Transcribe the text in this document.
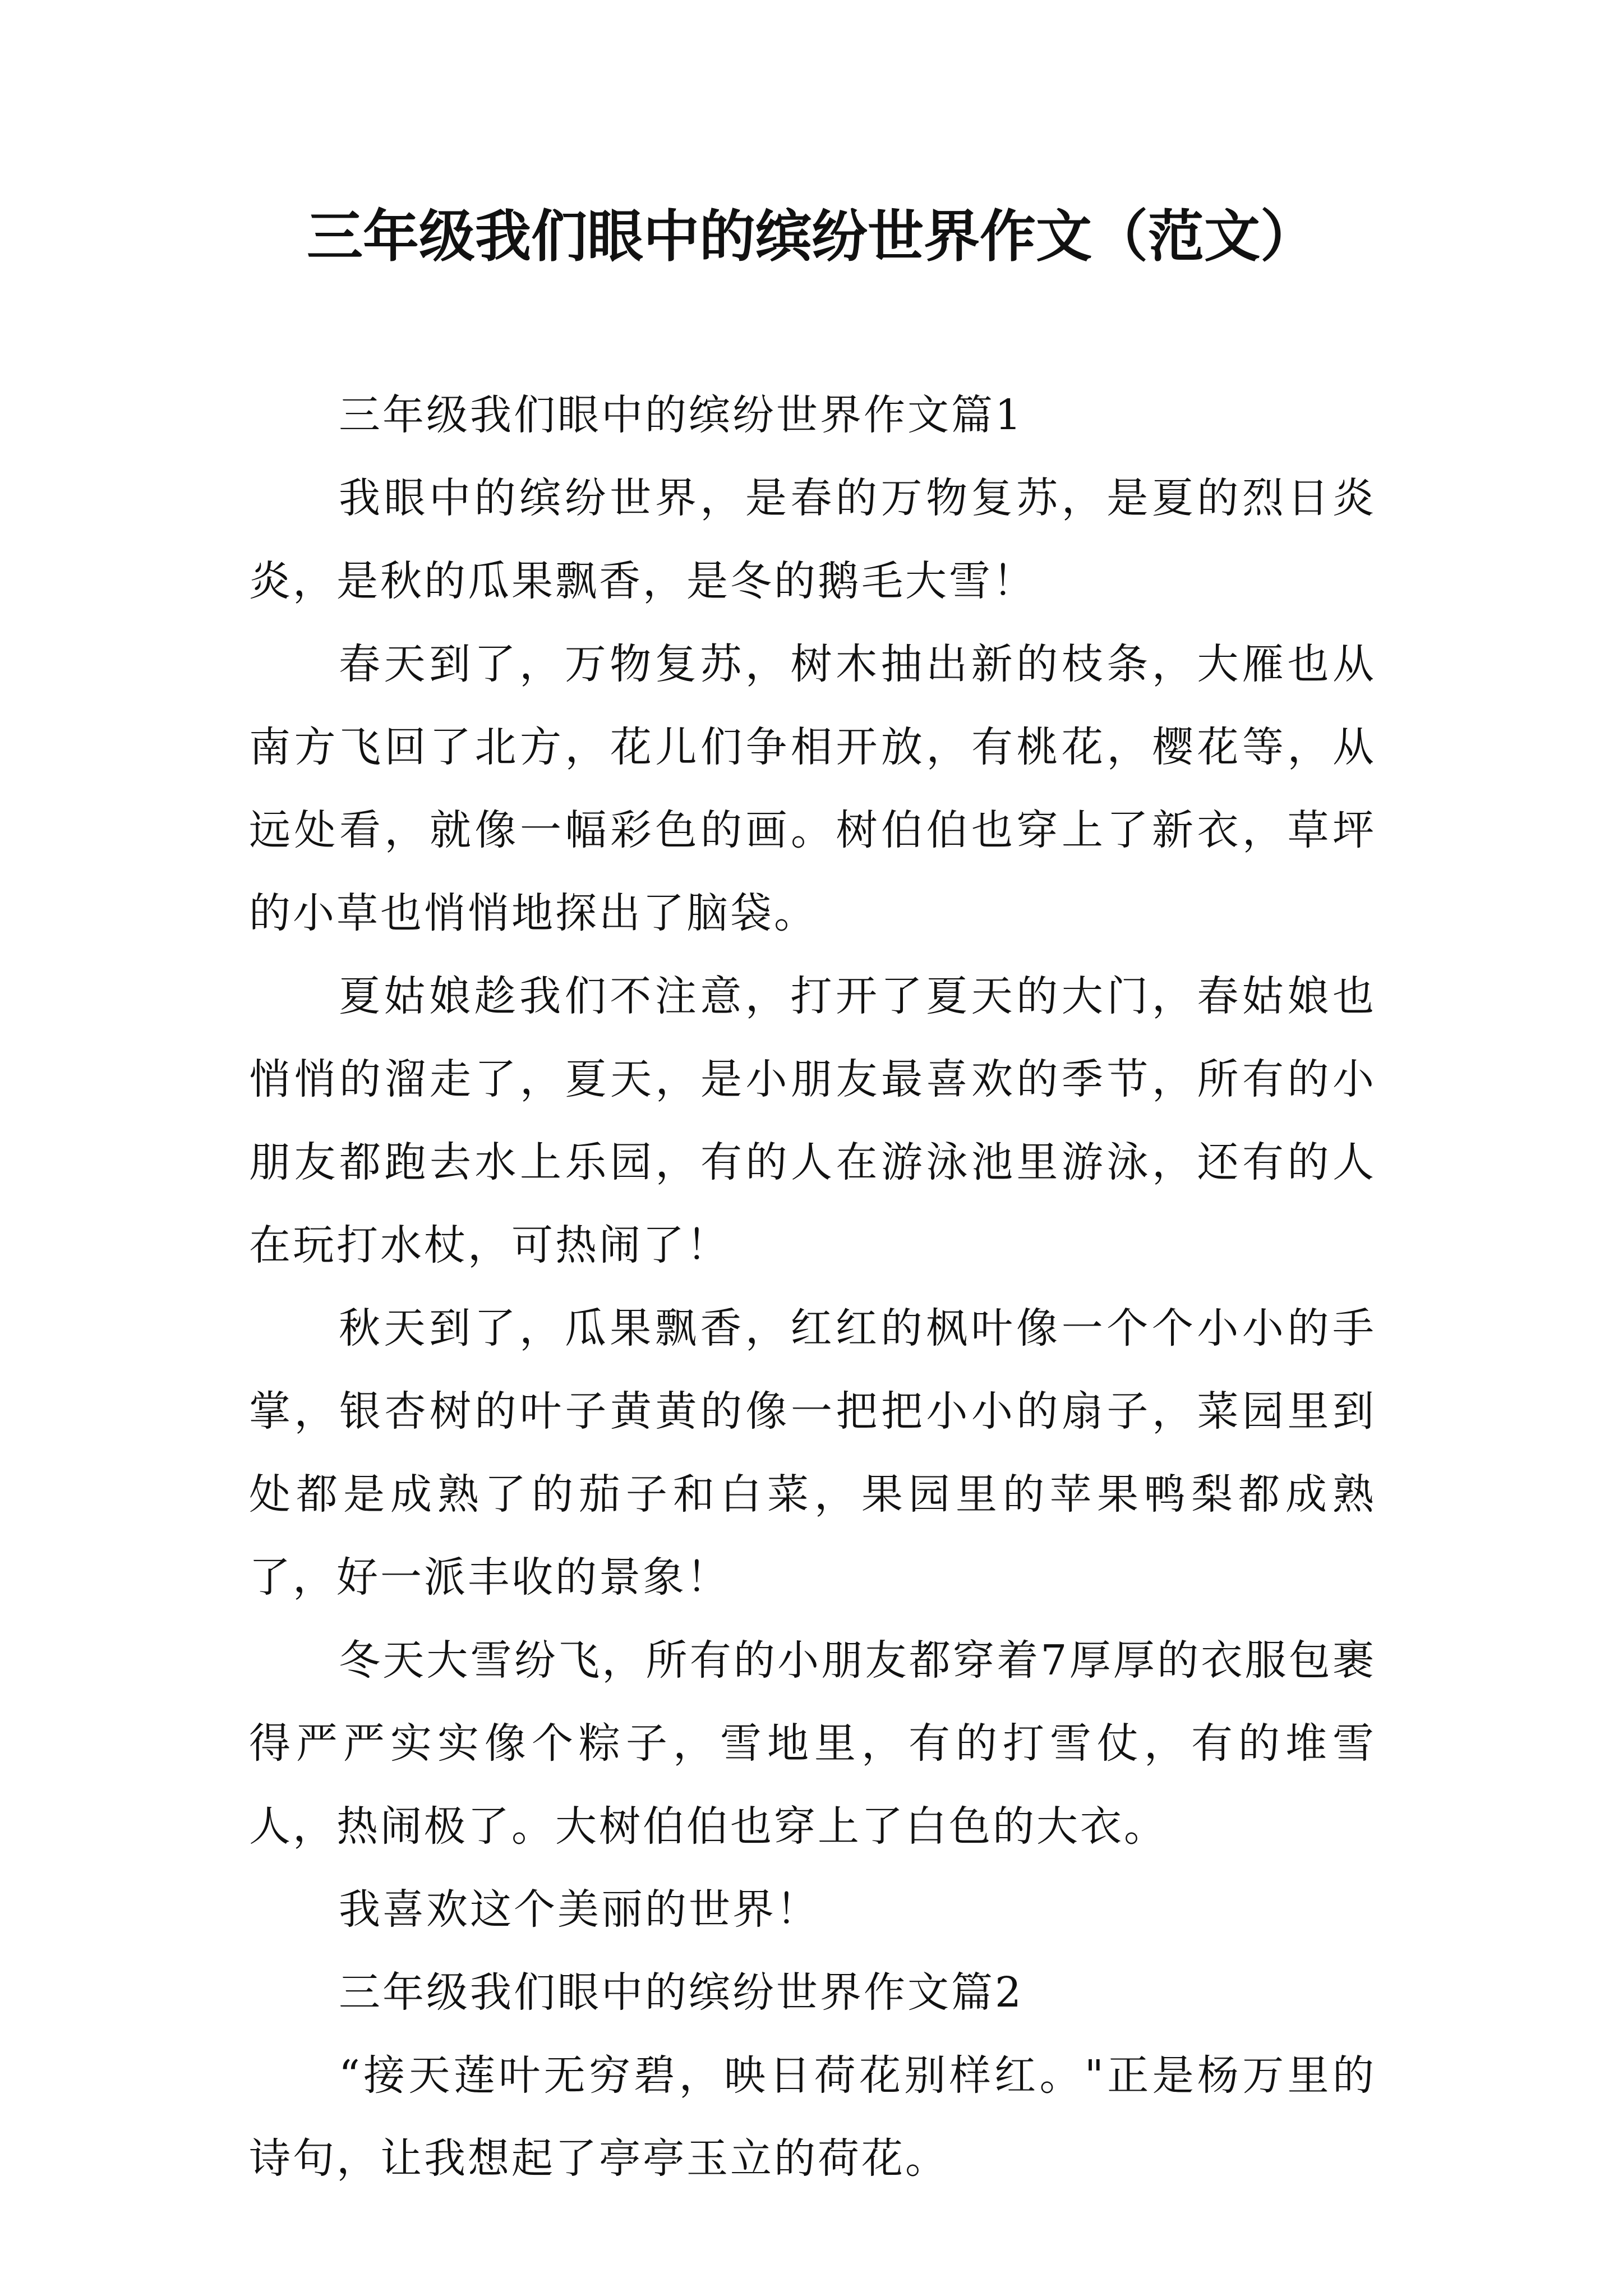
三年级我们眼中的缤纷世界作文（范文）

三年级我们眼中的缤纷世界作文篇1

我眼中的缤纷世界，是春的万物复苏，是夏的烈日炎炎，是秋的瓜果飘香，是冬的鹅毛大雪！

春天到了，万物复苏，树木抽出新的枝条，大雁也从南方飞回了北方，花儿们争相开放，有桃花，樱花等，从远处看，就像一幅彩色的画。树伯伯也穿上了新衣，草坪的小草也悄悄地探出了脑袋。

夏姑娘趁我们不注意，打开了夏天的大门，春姑娘也悄悄的溜走了，夏天，是小朋友最喜欢的季节，所有的小朋友都跑去水上乐园，有的人在游泳池里游泳，还有的人在玩打水杖，可热闹了！

秋天到了，瓜果飘香，红红的枫叶像一个个小小的手掌，银杏树的叶子黄黄的像一把把小小的扇子，菜园里到处都是成熟了的茄子和白菜，果园里的苹果鸭梨都成熟了，好一派丰收的景象！

冬天大雪纷飞，所有的小朋友都穿着7厚厚的衣服包裹得严严实实像个粽子，雪地里，有的打雪仗，有的堆雪人，热闹极了。大树伯伯也穿上了白色的大衣。

我喜欢这个美丽的世界！

三年级我们眼中的缤纷世界作文篇2

“接天莲叶无穷碧，映日荷花别样红。"正是杨万里的诗句，让我想起了亭亭玉立的荷花。
